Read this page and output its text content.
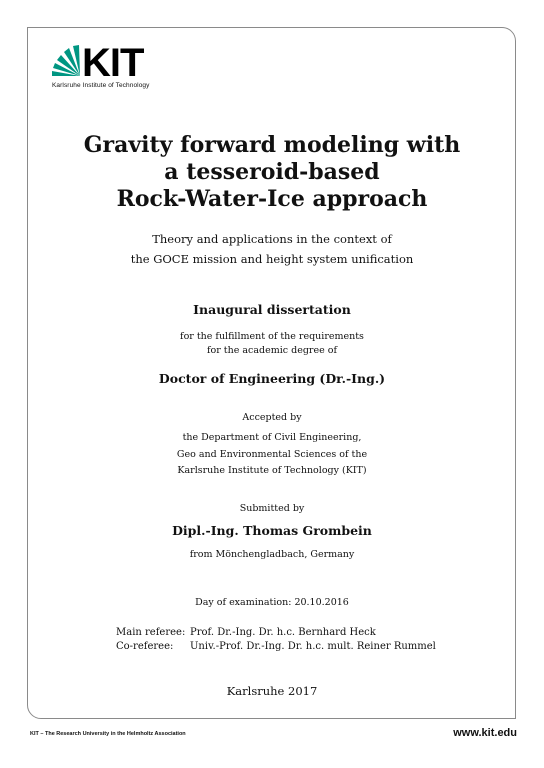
KIT
Karlsruhe Institute of Technology
Gravity forward modeling with
a tesseroid-based
Rock-Water-Ice approach
Theory and applications in the context of
the GOCE mission and height system unification
Inaugural dissertation
for the fulfillment of the requirements
for the academic degree of
Doctor of Engineering (Dr.-Ing.)
Accepted by
the Department of Civil Engineering,
Geo and Environmental Sciences of the
Karlsruhe Institute of Technology (KIT)
Submitted by
Dipl.-Ing. Thomas Grombein
from Mönchengladbach, Germany
Day of examination: 20.10.2016
Main referee: Prof. Dr.-Ing. Dr. h.c. Bernhard Heck
Co-referee:	Univ.-Prof. Dr.-Ing. Dr. h.c. mult. Reiner Rummel
Karlsruhe 2017
KIT – The Research University in the Helmholtz Association	www.kit.edu
